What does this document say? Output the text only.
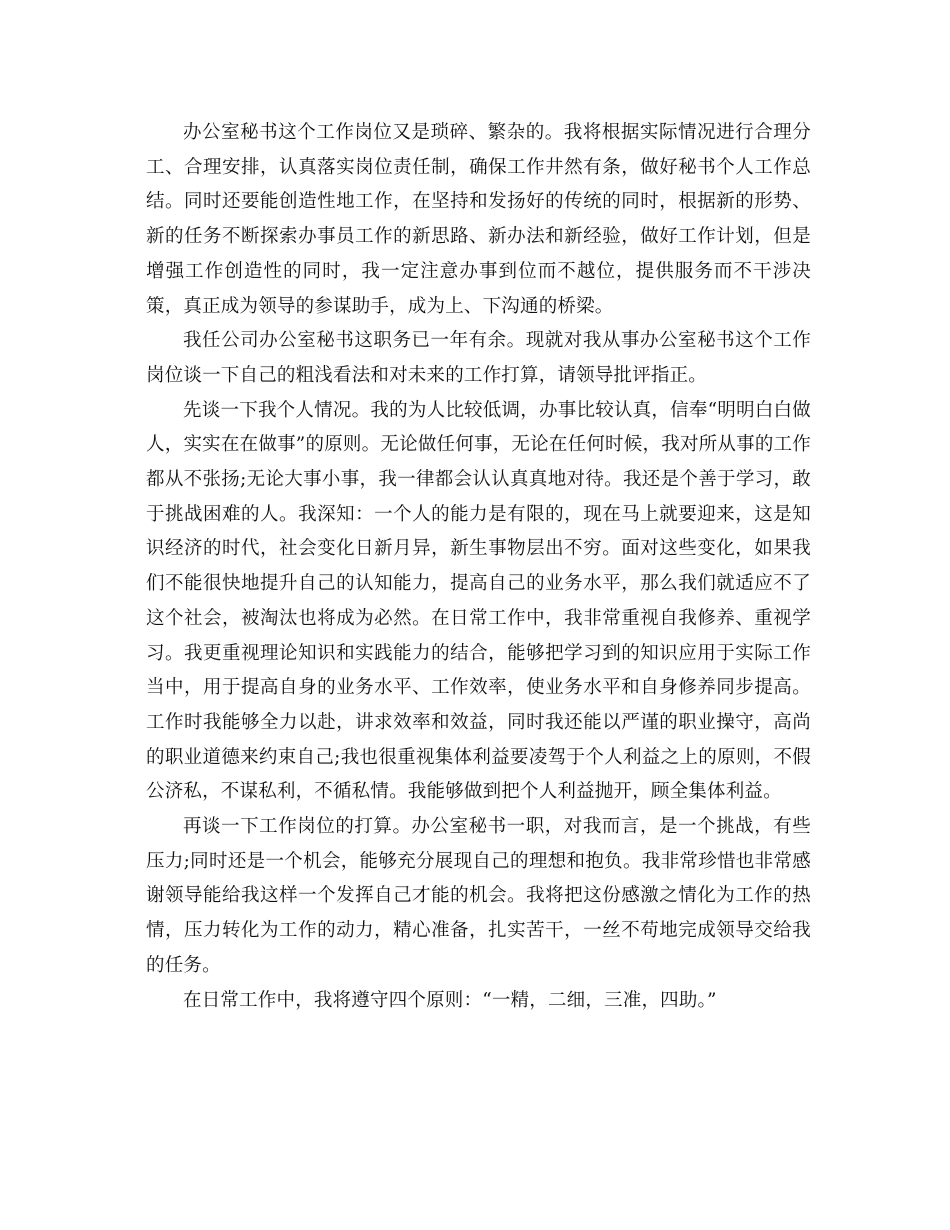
办公室秘书这个工作岗位又是琐碎、繁杂的。我将根据实际情况进行合理分工、合理安排，认真落实岗位责任制，确保工作井然有条，做好秘书个人工作总结。同时还要能创造性地工作，在坚持和发扬好的传统的同时，根据新的形势、新的任务不断探索办事员工作的新思路、新办法和新经验，做好工作计划，但是增强工作创造性的同时，我一定注意办事到位而不越位，提供服务而不干涉决策，真正成为领导的参谋助手，成为上、下沟通的桥梁。

我任公司办公室秘书这职务已一年有余。现就对我从事办公室秘书这个工作岗位谈一下自己的粗浅看法和对未来的工作打算，请领导批评指正。

先谈一下我个人情况。我的为人比较低调，办事比较认真，信奉“明明白白做人，实实在在做事”的原则。无论做任何事，无论在任何时候，我对所从事的工作都从不张扬;无论大事小事，我一律都会认认真真地对待。我还是个善于学习，敢于挑战困难的人。我深知：一个人的能力是有限的，现在马上就要迎来，这是知识经济的时代，社会变化日新月异，新生事物层出不穷。面对这些变化，如果我们不能很快地提升自己的认知能力，提高自己的业务水平，那么我们就适应不了这个社会，被淘汰也将成为必然。在日常工作中，我非常重视自我修养、重视学习。我更重视理论知识和实践能力的结合，能够把学习到的知识应用于实际工作当中，用于提高自身的业务水平、工作效率，使业务水平和自身修养同步提高。工作时我能够全力以赴，讲求效率和效益，同时我还能以严谨的职业操守，高尚的职业道德来约束自己;我也很重视集体利益要凌驾于个人利益之上的原则，不假公济私，不谋私利，不循私情。我能够做到把个人利益抛开，顾全集体利益。

再谈一下工作岗位的打算。办公室秘书一职，对我而言，是一个挑战，有些压力;同时还是一个机会，能够充分展现自己的理想和抱负。我非常珍惜也非常感谢领导能给我这样一个发挥自己才能的机会。我将把这份感激之情化为工作的热情，压力转化为工作的动力，精心准备，扎实苦干，一丝不苟地完成领导交给我的任务。

在日常工作中，我将遵守四个原则：“一精，二细，三准，四助。”
